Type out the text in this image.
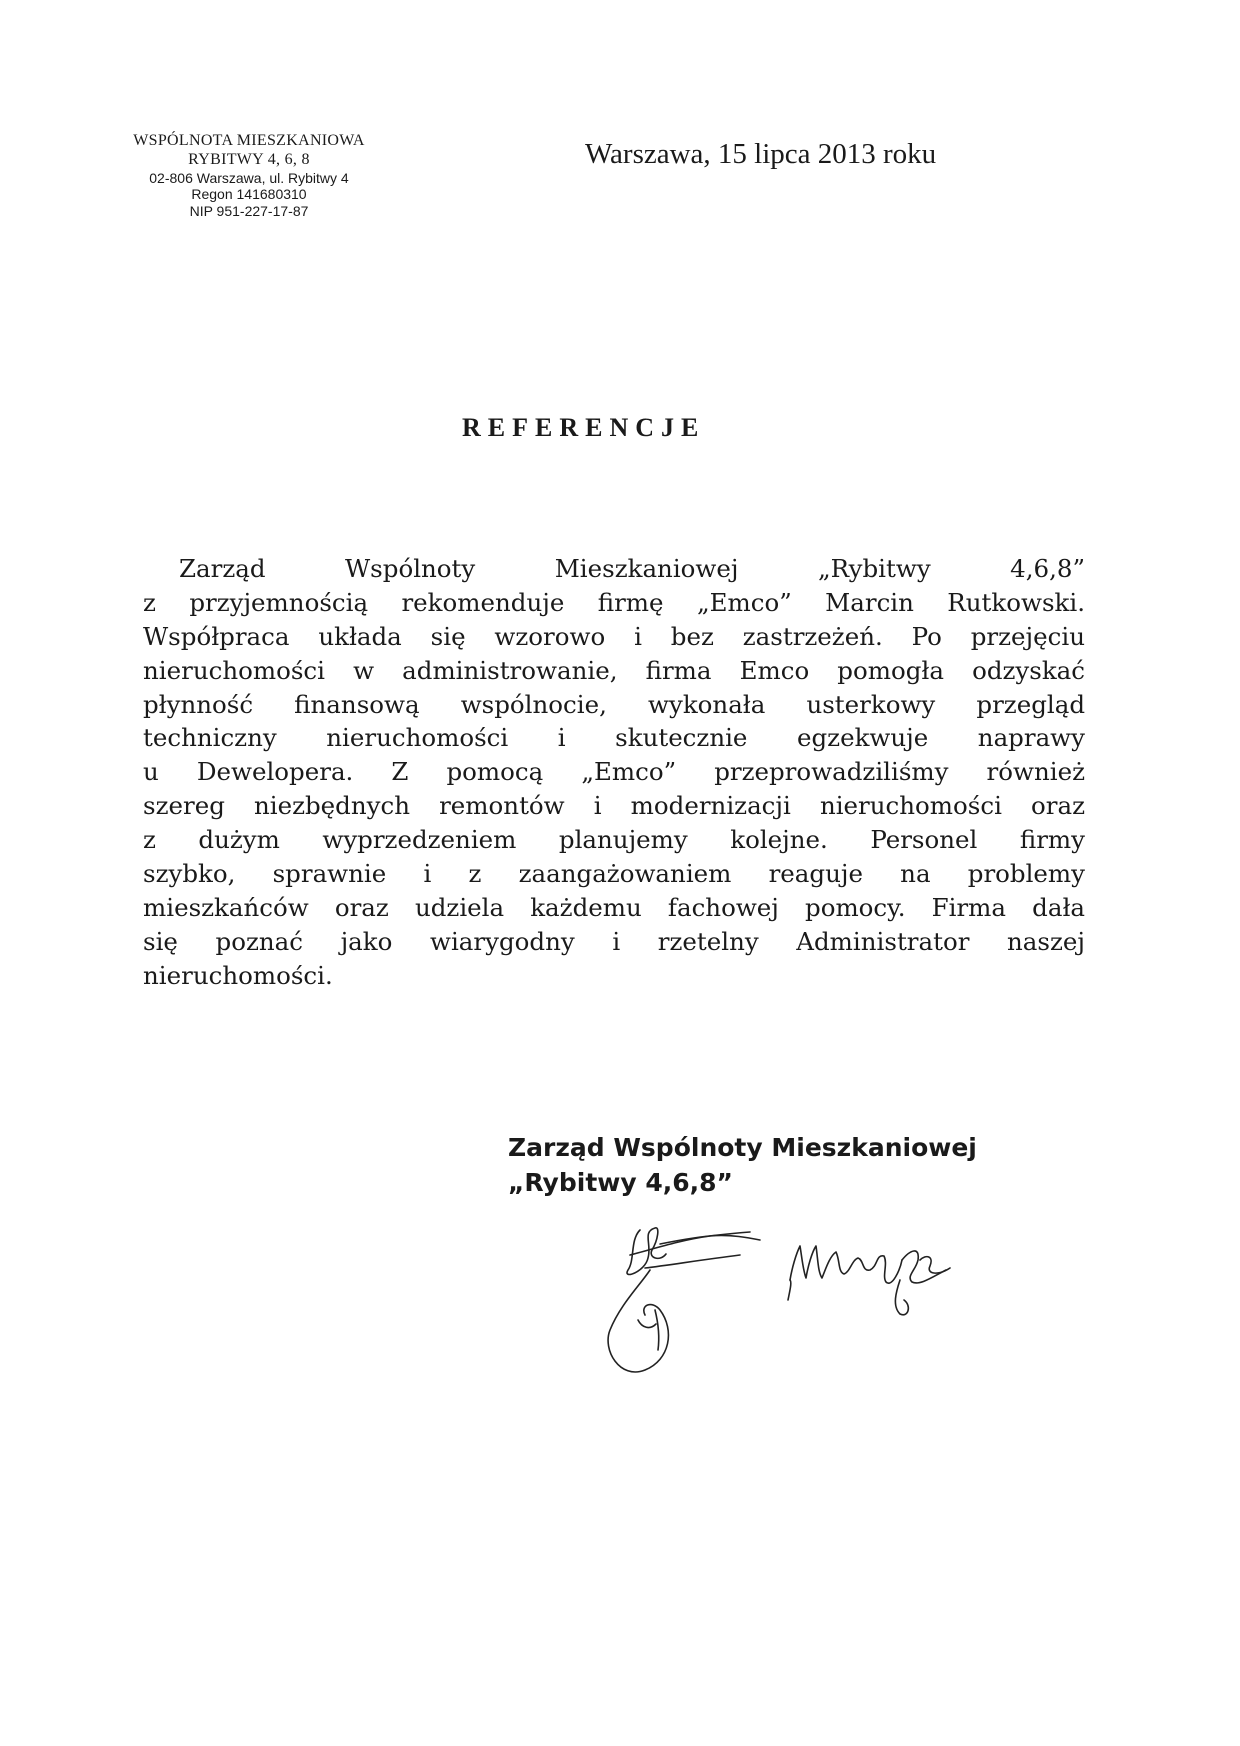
WSPÓLNOTA MIESZKANIOWA
RYBITWY 4, 6, 8
02-806 Warszawa, ul. Rybitwy 4
Regon 141680310
NIP 951-227-17-87
Warszawa, 15 lipca 2013 roku
REFERENCJE
Zarząd Wspólnoty Mieszkaniowej „Rybitwy 4,6,8”
z przyjemnością rekomenduje firmę „Emco” Marcin Rutkowski.
Współpraca układa się wzorowo i bez zastrzeżeń. Po przejęciu
nieruchomości w administrowanie, firma Emco pomogła odzyskać
płynność finansową wspólnocie, wykonała usterkowy przegląd
techniczny nieruchomości i skutecznie egzekwuje naprawy
u Dewelopera. Z pomocą „Emco” przeprowadziliśmy również
szereg niezbędnych remontów i modernizacji nieruchomości oraz
z dużym wyprzedzeniem planujemy kolejne. Personel firmy
szybko, sprawnie i z zaangażowaniem reaguje na problemy
mieszkańców oraz udziela każdemu fachowej pomocy. Firma dała
się poznać jako wiarygodny i rzetelny Administrator naszej
nieruchomości.
Zarząd Wspólnoty Mieszkaniowej
„Rybitwy 4,6,8”
